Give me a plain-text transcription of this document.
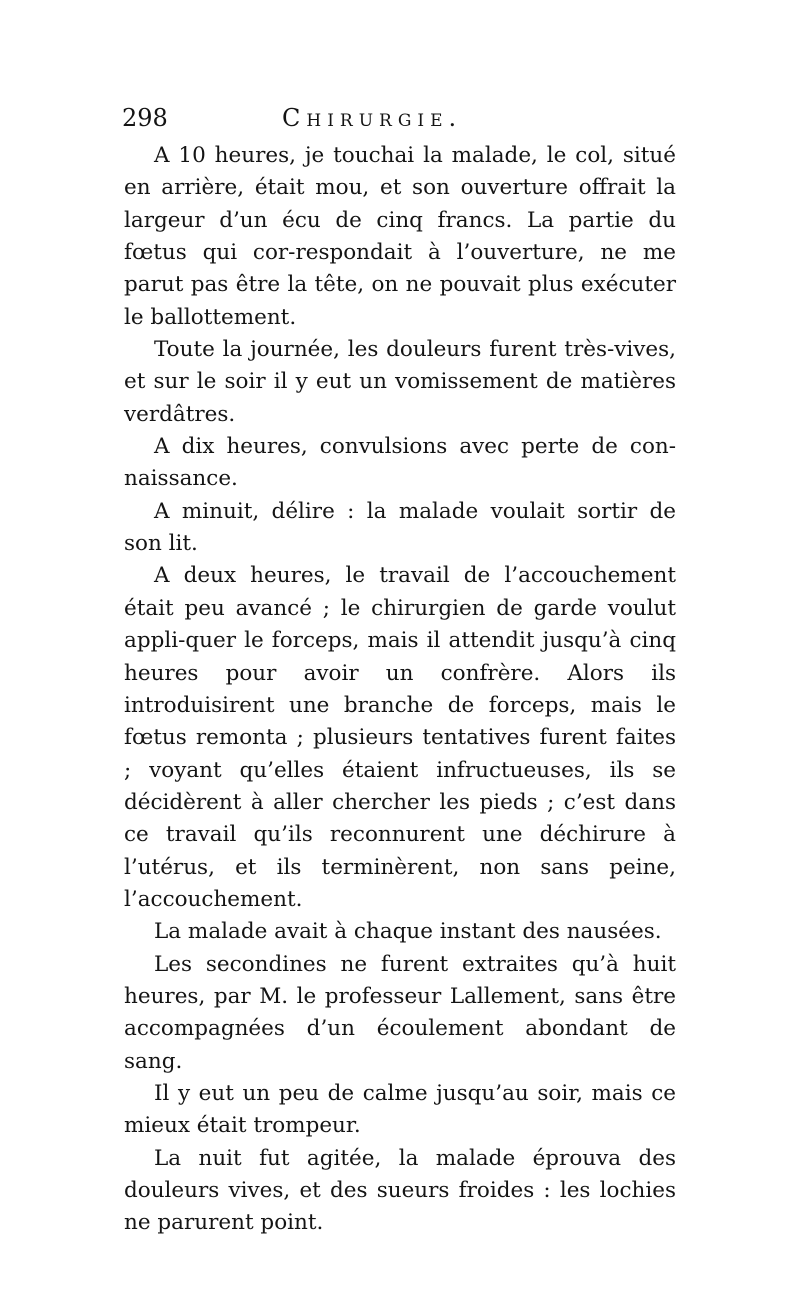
298	Chirurgie.

A 10 heures, je touchai la malade, le col, situé en arrière, était mou, et son ouverture offrait la largeur d’un écu de cinq francs. La partie du fœtus qui cor-respondait à l’ouverture, ne me parut pas être la tête, on ne pouvait plus exécuter le ballottement.

Toute la journée, les douleurs furent très-vives, et sur le soir il y eut un vomissement de matières verdâtres.

A dix heures, convulsions avec perte de con-naissance.

A minuit, délire : la malade voulait sortir de son lit.

A deux heures, le travail de l’accouchement était peu avancé ; le chirurgien de garde voulut appli-quer le forceps, mais il attendit jusqu’à cinq heures pour avoir un confrère. Alors ils introduisirent une branche de forceps, mais le fœtus remonta ; plusieurs tentatives furent faites ; voyant qu’elles étaient infructueuses, ils se décidèrent à aller chercher les pieds ; c’est dans ce travail qu’ils reconnurent une déchirure à l’utérus, et ils terminèrent, non sans peine, l’accouchement.

La malade avait à chaque instant des nausées.

Les secondines ne furent extraites qu’à huit heures, par M. le professeur Lallement, sans être accompagnées d’un écoulement abondant de sang.

Il y eut un peu de calme jusqu’au soir, mais ce mieux était trompeur.

La nuit fut agitée, la malade éprouva des douleurs vives, et des sueurs froides : les lochies ne parurent point.
